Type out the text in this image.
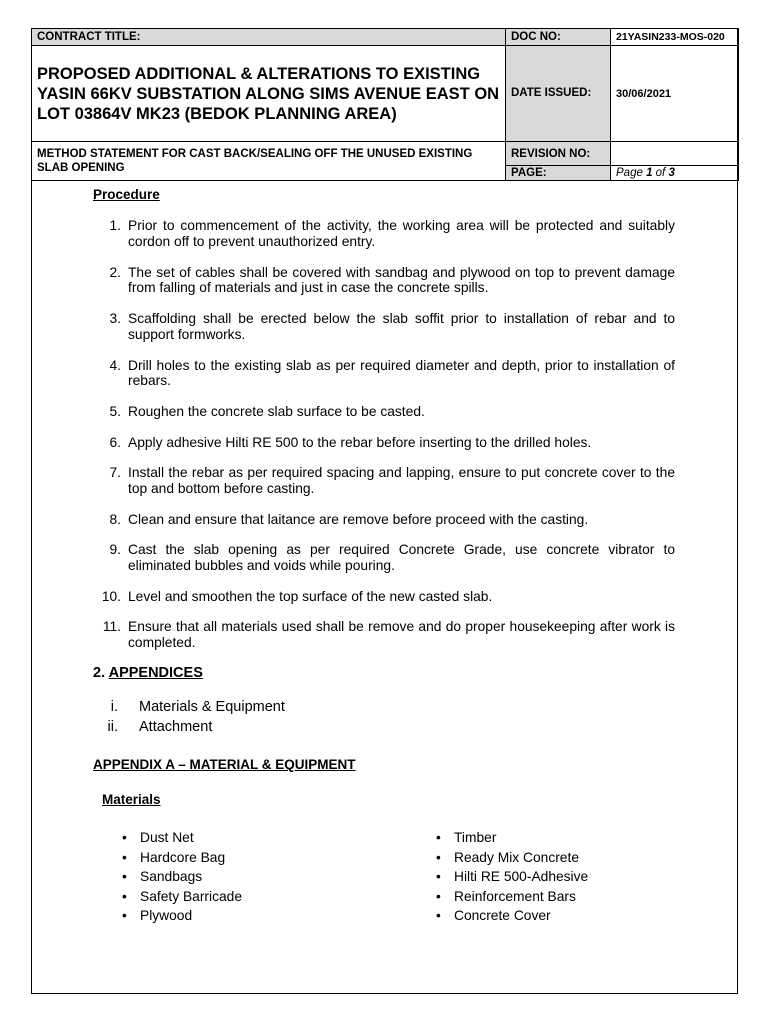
CONTRACT TITLE:	DOC NO:	21YASIN233-MOS-020
PROPOSED ADDITIONAL & ALTERATIONS TO EXISTING YASIN 66KV SUBSTATION ALONG SIMS AVENUE EAST ON LOT 03864V MK23 (BEDOK PLANNING AREA)	DATE ISSUED:	30/06/2021
METHOD STATEMENT FOR CAST BACK/SEALING OFF THE UNUSED EXISTING SLAB OPENING	REVISION NO:	
	PAGE:	Page 1 of 3
Procedure
1. Prior to commencement of the activity, the working area will be protected and suitably cordon off to prevent unauthorized entry.
2. The set of cables shall be covered with sandbag and plywood on top to prevent damage from falling of materials and just in case the concrete spills.
3. Scaffolding shall be erected below the slab soffit prior to installation of rebar and to support formworks.
4. Drill holes to the existing slab as per required diameter and depth, prior to installation of rebars.
5. Roughen the concrete slab surface to be casted.
6. Apply adhesive Hilti RE 500 to the rebar before inserting to the drilled holes.
7. Install the rebar as per required spacing and lapping, ensure to put concrete cover to the top and bottom before casting.
8. Clean and ensure that laitance are remove before proceed with the casting.
9. Cast the slab opening as per required Concrete Grade, use concrete vibrator to eliminated bubbles and voids while pouring.
10. Level and smoothen the top surface of the new casted slab.
11. Ensure that all materials used shall be remove and do proper housekeeping after work is completed.
2. APPENDICES
i. Materials & Equipment
ii. Attachment
APPENDIX A – MATERIAL & EQUIPMENT
Materials
• Dust Net
• Hardcore Bag
• Sandbags
• Safety Barricade
• Plywood
• Timber
• Ready Mix Concrete
• Hilti RE 500-Adhesive
• Reinforcement Bars
• Concrete Cover
